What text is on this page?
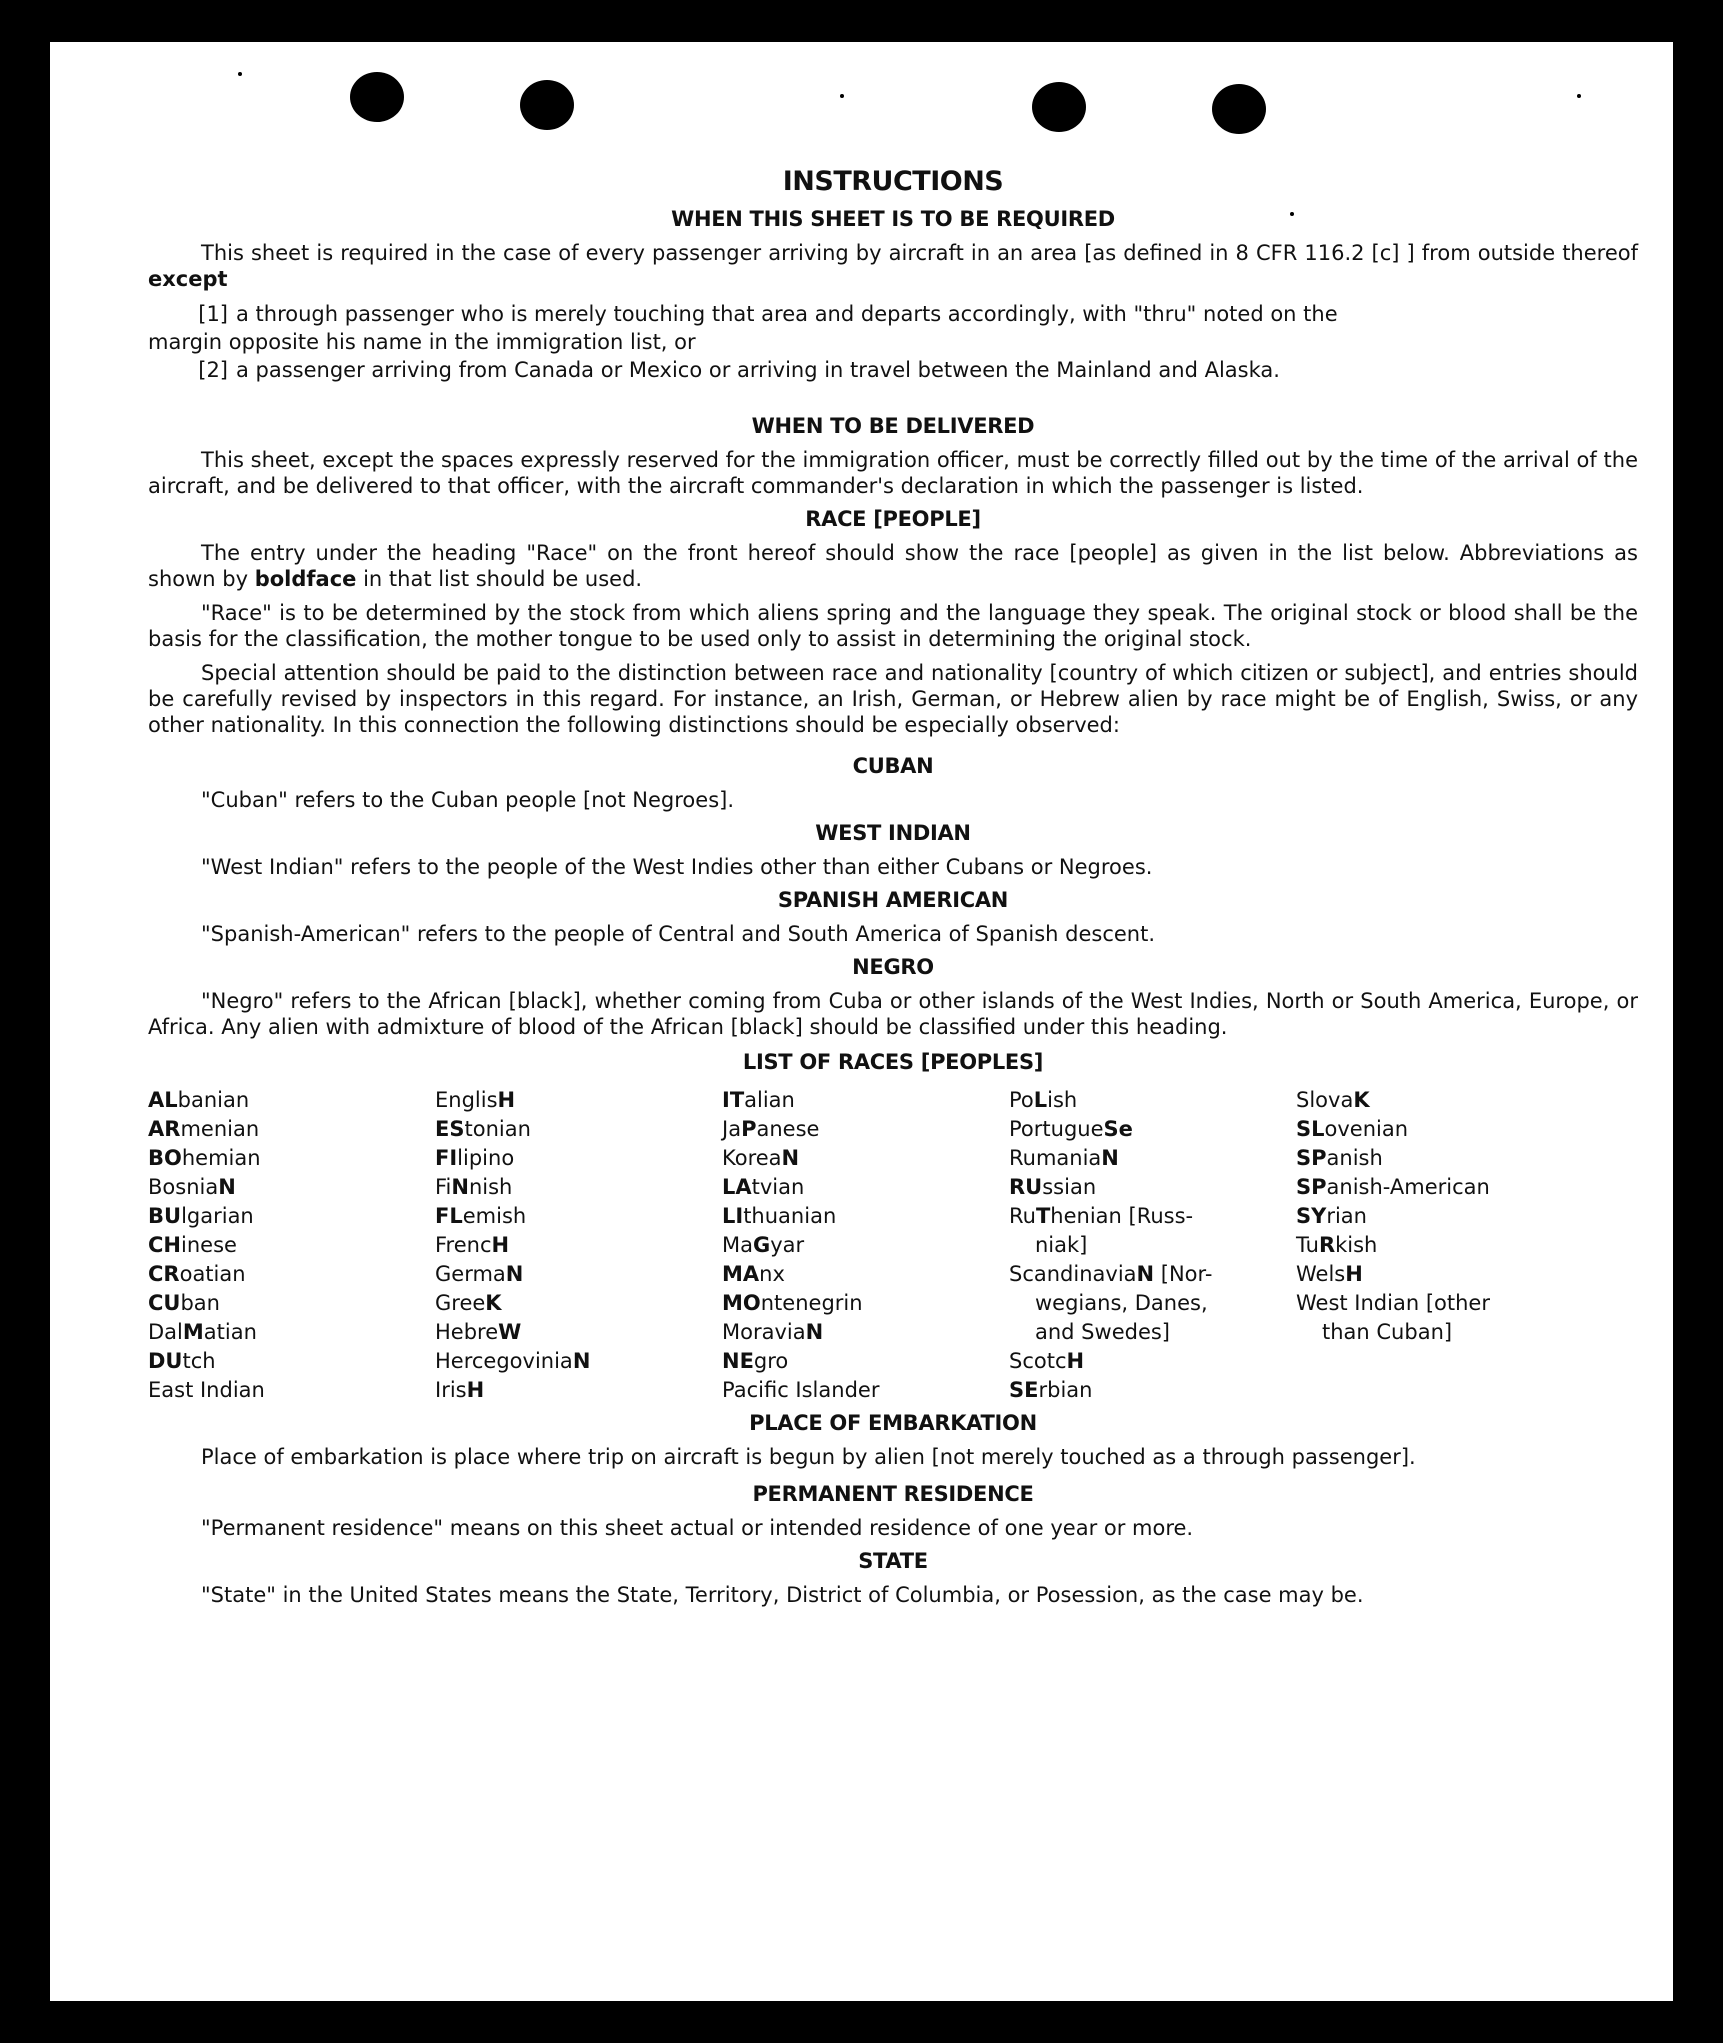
INSTRUCTIONS
WHEN THIS SHEET IS TO BE REQUIRED

This sheet is required in the case of every passenger arriving by aircraft in an area [as defined in 8 CFR 116.2 [c] ] from outside thereof except

[1] a through passenger who is merely touching that area and departs accordingly, with "thru" noted on the
margin opposite his name in the immigration list, or
[2] a passenger arriving from Canada or Mexico or arriving in travel between the Mainland and Alaska.
WHEN TO BE DELIVERED

This sheet, except the spaces expressly reserved for the immigration officer, must be correctly filled out by the time of the arrival of the aircraft, and be delivered to that officer, with the aircraft commander's declaration in which the passenger is listed.

RACE [PEOPLE]

The entry under the heading "Race" on the front hereof should show the race [people] as given in the list below. Abbreviations as shown by boldface in that list should be used.

"Race" is to be determined by the stock from which aliens spring and the language they speak. The original stock or blood shall be the basis for the classification, the mother tongue to be used only to assist in determining the original stock.

Special attention should be paid to the distinction between race and nationality [country of which citizen or subject], and entries should be carefully revised by inspectors in this regard. For instance, an Irish, German, or Hebrew alien by race might be of English, Swiss, or any other nationality. In this connection the following distinctions should be especially observed:

CUBAN

"Cuban" refers to the Cuban people [not Negroes].

WEST INDIAN

"West Indian" refers to the people of the West Indies other than either Cubans or Negroes.

SPANISH AMERICAN

"Spanish-American" refers to the people of Central and South America of Spanish descent.

NEGRO

"Negro" refers to the African [black], whether coming from Cuba or other islands of the West Indies, North or South America, Europe, or Africa. Any alien with admixture of blood of the African [black] should be classified under this heading.

LIST OF RACES [PEOPLES]
ALbanian
ARmenian
BOhemian
BosniaN
BUlgarian
CHinese
CRoatian
CUban
DalMatian
DUtch
East Indian
EnglisH
EStonian
FIlipino
FiNnish
FLemish
FrencH
GermaN
GreeK
HebreW
HercegoviniaN
IrisH
ITalian
JaPanese
KoreaN
LAtvian
LIthuanian
MaGyar
MAnx
MOntenegrin
MoraviaN
NEgro
Pacific Islander
PoLish
PortugueSe
RumaniaN
RUssian
RuThenian [Russ-
niak]
ScandinaviaN [Nor-
wegians, Danes,
and Swedes]
ScotcH
SErbian
SlovaK
SLovenian
SPanish
SPanish-American
SYrian
TuRkish
WelsH
West Indian [other
than Cuban]
PLACE OF EMBARKATION

Place of embarkation is place where trip on aircraft is begun by alien [not merely touched as a through passenger].

PERMANENT RESIDENCE

"Permanent residence" means on this sheet actual or intended residence of one year or more.

STATE

"State" in the United States means the State, Territory, District of Columbia, or Posession, as the case may be.
